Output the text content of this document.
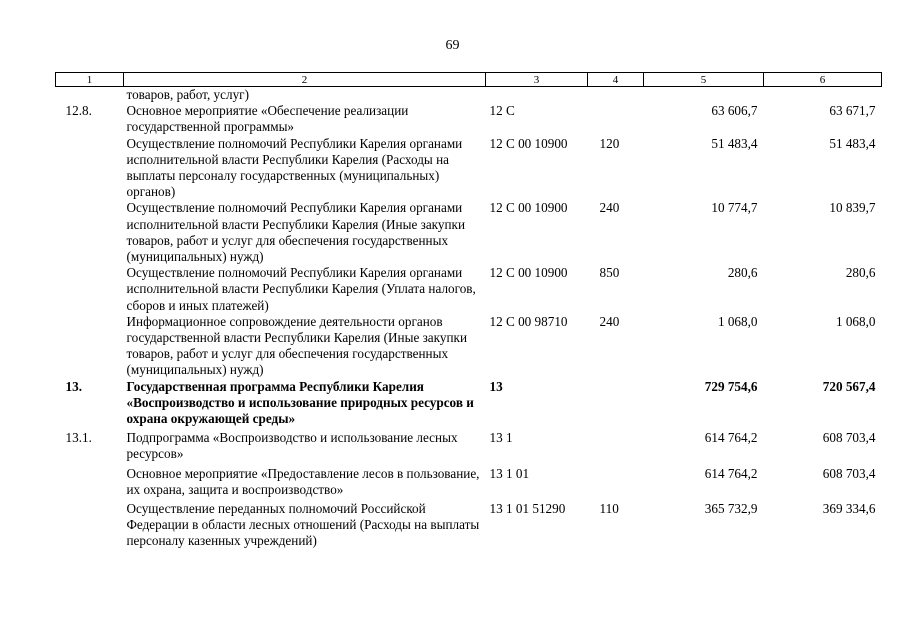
69
1	2	3	4	5	6
	товаров, работ, услуг)				
12.8.	Основное мероприятие «Обеспечение реализации государственной программы»	12 С		63 606,7	63 671,7
	Осуществление полномочий Республики Карелия органами исполнительной власти Республики Карелия (Расходы на выплаты персоналу государственных (муниципальных) органов)	12 С 00 10900	120	51 483,4	51 483,4
	Осуществление полномочий Республики Карелия органами исполнительной власти Республики Карелия (Иные закупки товаров, работ и услуг для обеспечения государственных (муниципальных) нужд)	12 С 00 10900	240	10 774,7	10 839,7
	Осуществление полномочий Республики Карелия органами исполнительной власти Республики Карелия (Уплата налогов, сборов и иных платежей)	12 С 00 10900	850	280,6	280,6
	Информационное сопровождение деятельности органов государственной власти Республики Карелия (Иные закупки товаров, работ и услуг для обеспечения государственных (муниципальных) нужд)	12 С 00 98710	240	1 068,0	1 068,0
13.	Государственная программа Республики Карелия «Воспроизводство и использование природных ресурсов и охрана окружающей среды»	13		729 754,6	720 567,4
13.1.	Подпрограмма «Воспроизводство и использование лесных ресурсов»	13 1		614 764,2	608 703,4
	Основное мероприятие «Предоставление лесов в пользование, их охрана, защита и воспроизводство»	13 1 01		614 764,2	608 703,4
	Осуществление переданных полномочий Российской Федерации в области лесных отношений (Расходы на выплаты персоналу казенных учреждений)	13 1 01 51290	110	365 732,9	369 334,6
